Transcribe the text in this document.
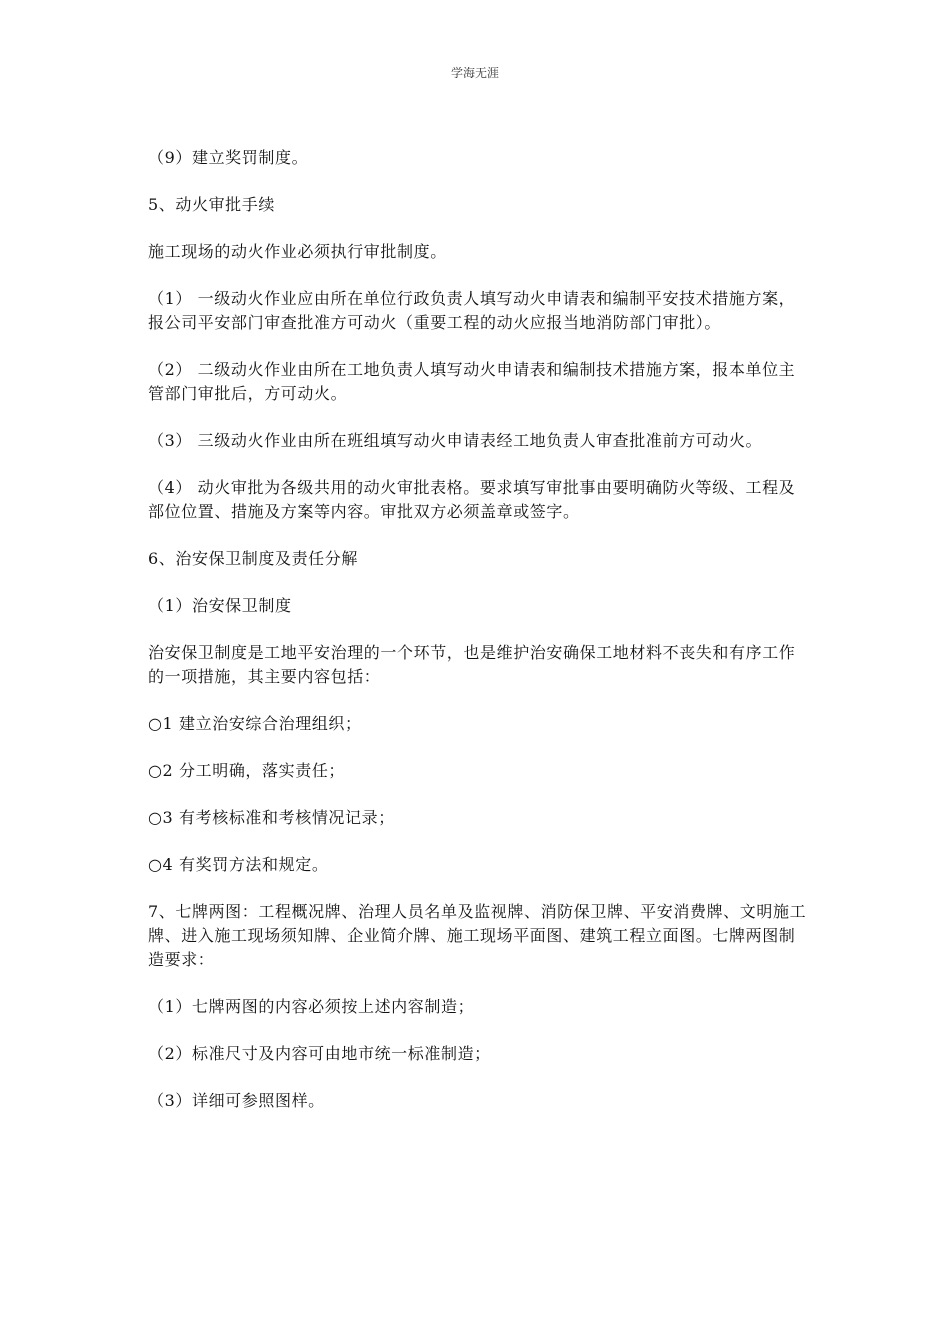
学海无涯

（9）建立奖罚制度。

5、动火审批手续

施工现场的动火作业必须执行审批制度。

（1） 一级动火作业应由所在单位行政负责人填写动火申请表和编制平安技术措施方案，报公司平安部门审查批准方可动火（重要工程的动火应报当地消防部门审批）。

（2） 二级动火作业由所在工地负责人填写动火申请表和编制技术措施方案，报本单位主管部门审批后，方可动火。

（3） 三级动火作业由所在班组填写动火申请表经工地负责人审查批准前方可动火。

（4） 动火审批为各级共用的动火审批表格。要求填写审批事由要明确防火等级、工程及部位位置、措施及方案等内容。审批双方必须盖章或签字。

6、治安保卫制度及责任分解

（1）治安保卫制度

治安保卫制度是工地平安治理的一个环节，也是维护治安确保工地材料不丧失和有序工作的一项措施，其主要内容包括：

○1 建立治安综合治理组织；

○2 分工明确，落实责任；

○3 有考核标准和考核情况记录；

○4 有奖罚方法和规定。

7、七牌两图：工程概况牌、治理人员名单及监视牌、消防保卫牌、平安消费牌、文明施工牌、进入施工现场须知牌、企业简介牌、施工现场平面图、建筑工程立面图。七牌两图制造要求：

（1）七牌两图的内容必须按上述内容制造；

（2）标准尺寸及内容可由地市统一标准制造；

（3）详细可参照图样。
